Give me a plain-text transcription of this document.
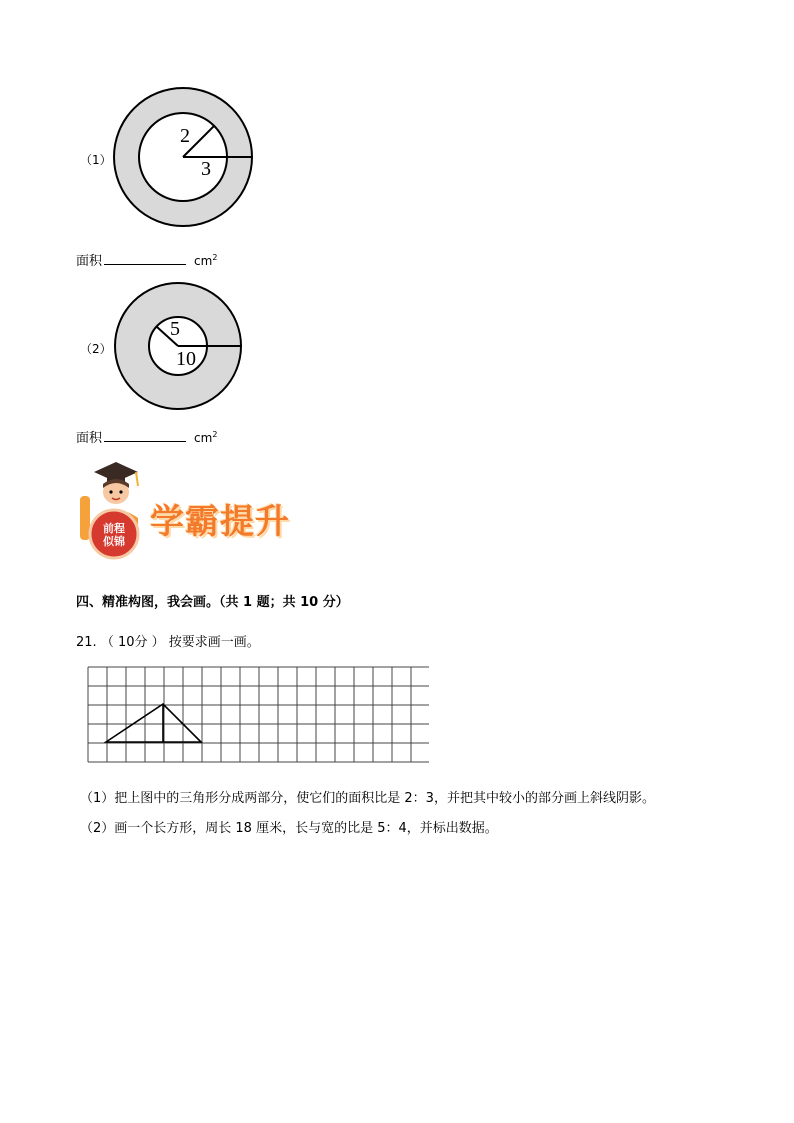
（1）
2
3
面积	$cm^2$
（2）
5
10
面积	$cm^2$
前程
似锦 学霸提升
四、精准构图，我会画。（共 1 题；共 10 分）
21. （ 10分 ） 按要求画一画。
（1）把上图中的三角形分成两部分，使它们的面积比是 2：3，并把其中较小的部分画上斜线阴影。
（2）画一个长方形，周长 18 厘米，长与宽的比是 5：4，并标出数据。
